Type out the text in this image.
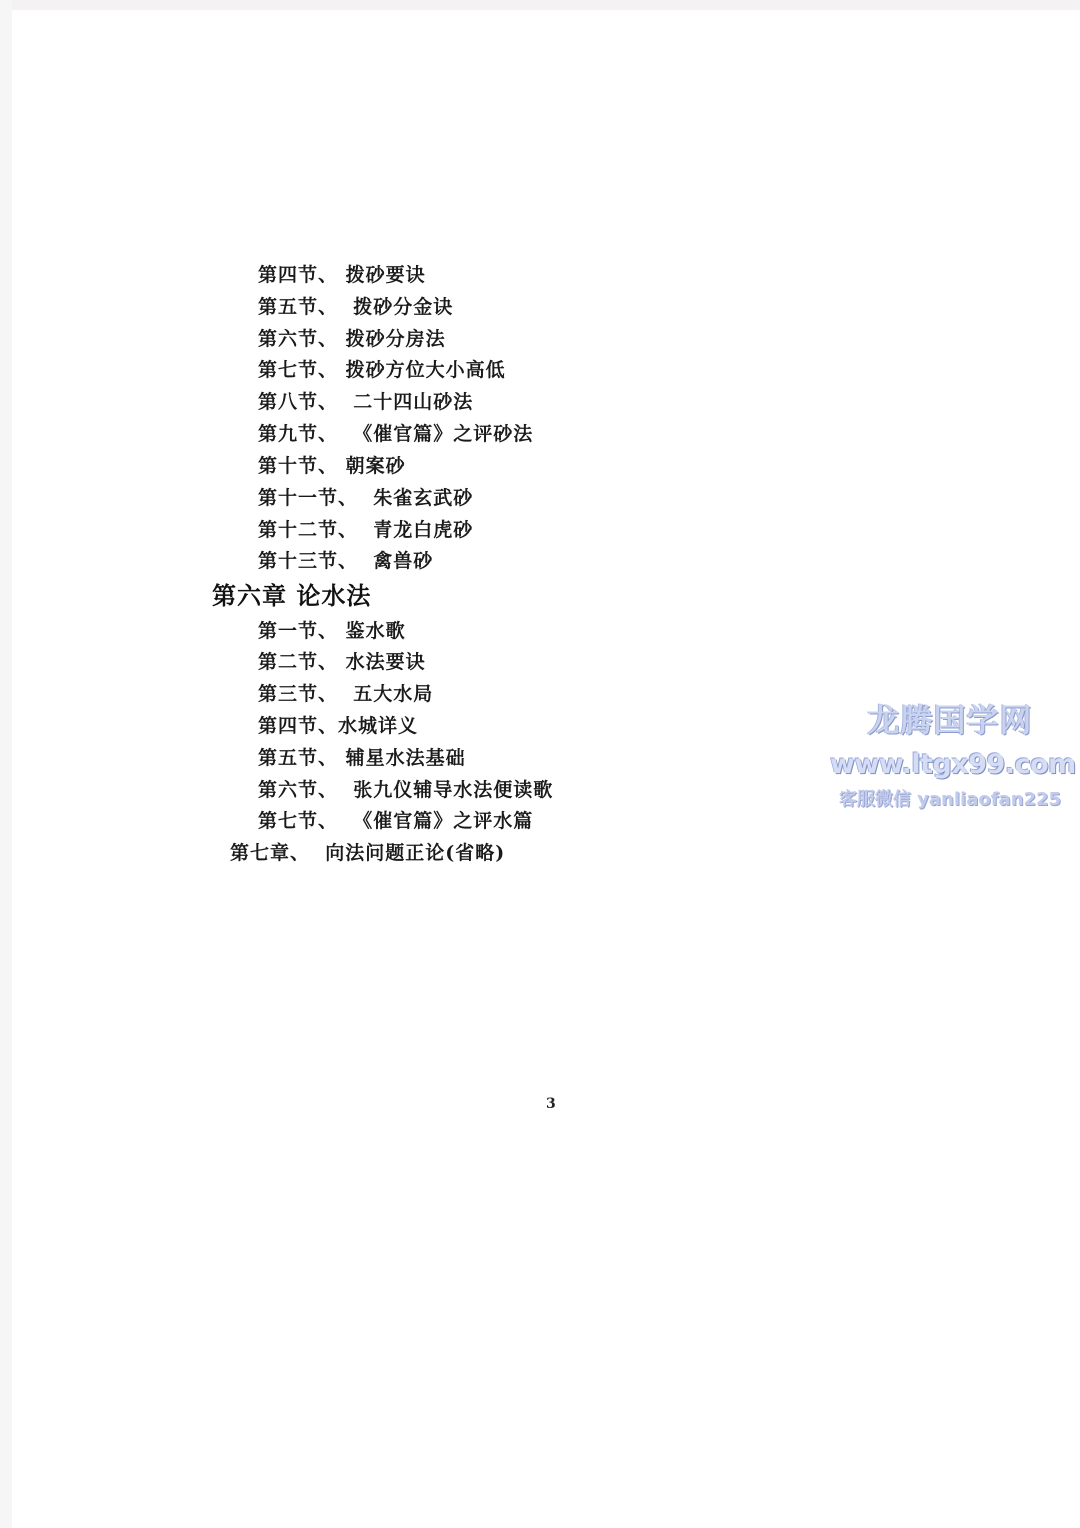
第四节、 拨砂要诀
第五节、  拨砂分金诀
第六节、 拨砂分房法
第七节、 拨砂方位大小高低
第八节、  二十四山砂法
第九节、  《催官篇》之评砂法
第十节、 朝案砂
第十一节、  朱雀玄武砂
第十二节、  青龙白虎砂
第十三节、  禽兽砂
第六章 论水法
第一节、 鉴水歌
第二节、 水法要诀
第三节、  五大水局
第四节、水城详义
第五节、 辅星水法基础
第六节、  张九仪辅导水法便读歌
第七节、  《催官篇》之评水篇
第七章、  向法问题正论(省略)
3
龙腾国学网
www.ltgx99.com
客服微信 yanliaofan225
